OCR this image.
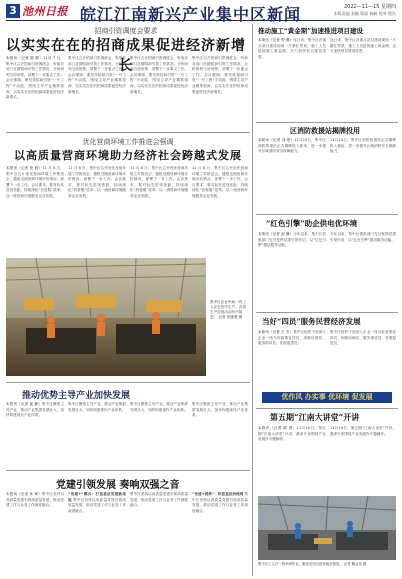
3 池州日报 皖江江南新兴产业集中区新闻	2022—11—15 星期四
本版责编 张颖 版面 杨帆 校对 程浩
招商引资调度会要求
以实实在在的招商成果促进经济新增长
本报讯（记者 陈 静）11月 7 日，集中区召开招商引资调度会，听取各部门近期招商引资工作情况，分析研判当前形势，部署下一步重点工作。会议强调，要坚持招商引资“一号工程”不动摇，围绕主导产业精准招商，以实实在在的招商成果促进经济新增长。
集中区召开招商引资调度会，听取各部门近期招商引资工作情况，分析研判当前形势，部署下一步重点工作。会议强调，要坚持招商引资“一号工程”不动摇，围绕主导产业精准招商，以实实在在的招商成果促进经济新增长。
集中区召开招商引资调度会，听取各部门近期招商引资工作情况，分析研判当前形势，部署下一步重点工作。会议强调，要坚持招商引资“一号工程”不动摇，围绕主导产业精准招商，以实实在在的招商成果促进经济新增长。
集中区召开招商引资调度会，听取各部门近期招商引资工作情况，分析研判当前形势，部署下一步重点工作。会议强调，要坚持招商引资“一号工程”不动摇，围绕主导产业精准招商，以实实在在的招商成果促进经济新增长。
优化营商环境工作推进会强调
以高质量营商环境助力经济社会跨越式发展
本报讯（记者 张 莉）11 月 8 日，集中区召开优化营商环境工作推进会，通报近期营商环境评价情况，部署下一步工作。会议要求，要对标先进找差距，持续深化“放管服”改革，以一流营商环境服务企业发展。
11 月 8 日，集中区召开优化营商环境工作推进会，通报近期营商环境评价情况，部署下一步工作。会议要求，要对标先进找差距，持续深化“放管服”改革，以一流营商环境服务企业发展。
11 月 8 日，集中区召开优化营商环境工作推进会，通报近期营商环境评价情况，部署下一步工作。会议要求，要对标先进找差距，持续深化“放管服”改革，以一流营商环境服务企业发展。
11 月 8 日，集中区召开优化营商环境工作推进会，通报近期营商环境评价情况，部署下一步工作。会议要求，要对标先进找差距，持续深化“放管服”改革，以一流营商环境服务企业发展。
集中区企业车间一线工人正在有序生产，各项生产经营活动有序推进。 记者 蔡晓蕾 摄
推动优势主导产业加快发展
本报讯（记者 崔 静）集中区聚焦主导产业，推动产业集群发展壮大，加快构建现代产业体系。
集中区聚焦主导产业，推动产业集群发展壮大，加快构建现代产业体系。
集中区聚焦主导产业，推动产业集群发展壮大，加快构建现代产业体系。
集中区聚焦主导产业，推动产业集群发展壮大，加快构建现代产业体系。
党建引领发展 奏响双强之音
本报讯（记者 孙 林）集中区坚持以高质量党建引领高质量发展，推动党建工作与业务工作深度融合。
“党建+”模式：打造基层党建新高地 集中区坚持以高质量党建引领高质量发展，推动党建工作与业务工作深度融合。
集中区坚持以高质量党建引领高质量发展，推动党建工作与业务工作深度融合。
“党建+网格”：织密基层治理网 集中区坚持以高质量党建引领高质量发展，推动党建工作与业务工作深度融合。
推动施工“黄金期”加速推进项目建设
本报讯（记者 程 琳）连日来，集中区各重点项目建设现场一片繁忙景象，施工人员抢抓施工黄金期，全力加快项目建设进度。
连日来，集中区各重点项目建设现场一片繁忙景象，施工人员抢抓施工黄金期，全力加快项目建设进度。
区消防救援站揭牌投用
本报讯（记者 刘 艳）11月10日，集中区消防救援站正式揭牌投入使用，进一步提升区域消防安全保障能力。
11月10日，集中区消防救援站正式揭牌投入使用，进一步提升区域消防安全保障能力。
“红色引擎”助企供电优环境
本报讯（记者 俞 静）今年以来，集中区供电部门充分发挥党建引领作用，以“红色引擎”激活服务动能。
今年以来，集中区供电部门充分发挥党建引领作用，以“红色引擎”激活服务动能。
当好“四员”服务民营经济发展
本报讯（记者 王 芳）集中区组织干部深入企业一线当好政策宣传员、困难协调员、服务指导员、发展促进员。
集中区组织干部深入企业一线当好政策宣传员、困难协调员、服务指导员、发展促进员。
优作风 办实事 优环境 促发展
第五期“江南大讲堂”开讲
本报讯（记者 陈 晨）11月10日，第五期“江南大讲堂”开讲，邀请专家围绕产业发展作专题辅导。
11月10日，第五期“江南大讲堂”开讲，邀请专家围绕产业发展作专题辅导。
集中区工人在一线车间作业，服务各项目建设稳步推进。 记者 戴金凤 摄
